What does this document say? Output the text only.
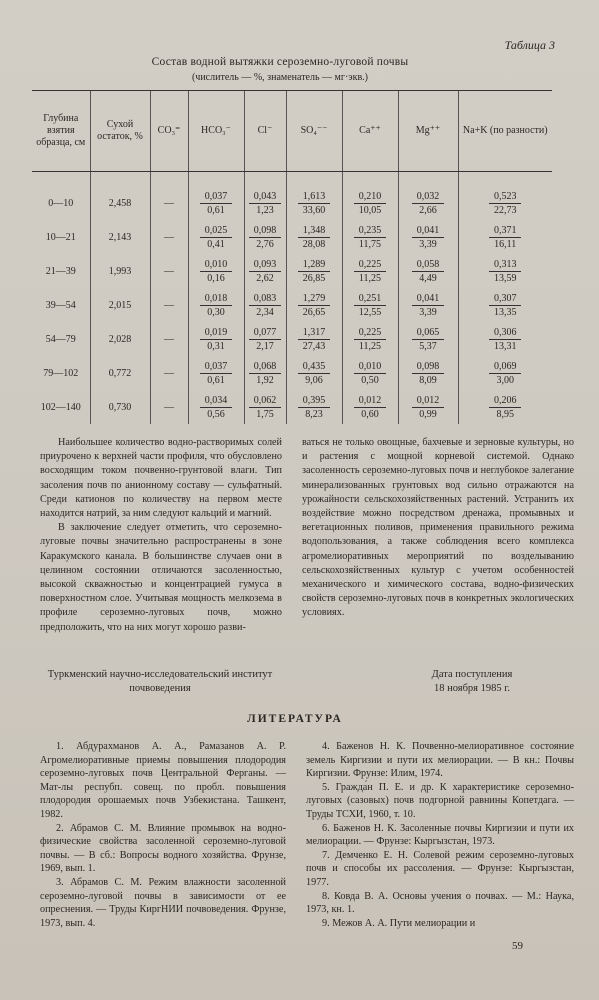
Таблица 3
Состав водной вытяжки сероземно-луговой почвы
(числитель — %, знаменатель — мг·экв.)
Глубина взятия образца, см	Сухой остаток, %	CO₃⁼	HCO₃⁻	Cl⁻	SO₄⁻⁻	Ca⁺⁺	Mg⁺⁺	Na+K (по разности)
0—10	2,458	—	$\frac{0,037}{0,61}$	$\frac{0,043}{1,23}$	$\frac{1,613}{33,60}$	$\frac{0,210}{10,05}$	$\frac{0,032}{2,66}$	$\frac{0,523}{22,73}$

10—21	2,143	—	$\frac{0,025}{0,41}$	$\frac{0,098}{2,76}$	$\frac{1,348}{28,08}$	$\frac{0,235}{11,75}$	$\frac{0,041}{3,39}$	$\frac{0,371}{16,11}$

21—39	1,993	—	$\frac{0,010}{0,16}$	$\frac{0,093}{2,62}$	$\frac{1,289}{26,85}$	$\frac{0,225}{11,25}$	$\frac{0,058}{4,49}$	$\frac{0,313}{13,59}$

39—54	2,015	—	$\frac{0,018}{0,30}$	$\frac{0,083}{2,34}$	$\frac{1,279}{26,65}$	$\frac{0,251}{12,55}$	$\frac{0,041}{3,39}$	$\frac{0,307}{13,35}$

54—79	2,028	—	$\frac{0,019}{0,31}$	$\frac{0,077}{2,17}$	$\frac{1,317}{27,43}$	$\frac{0,225}{11,25}$	$\frac{0,065}{5,37}$	$\frac{0,306}{13,31}$

79—102	0,772	—	$\frac{0,037}{0,61}$	$\frac{0,068}{1,92}$	$\frac{0,435}{9,06}$	$\frac{0,010}{0,50}$	$\frac{0,098}{8,09}$	$\frac{0,069}{3,00}$

102—140	0,730	—	$\frac{0,034}{0,56}$	$\frac{0,062}{1,75}$	$\frac{0,395}{8,23}$	$\frac{0,012}{0,60}$	$\frac{0,012}{0,99}$	$\frac{0,206}{8,95}$

Наибольшее количество водно-растворимых солей приурочено к верхней части профиля, что обусловлено восходящим током почвенно-грунтовой влаги. Тип засоления почв по анионному составу — сульфатный. Среди катионов по количеству на первом месте находится натрий, за ним следуют кальций и магний.

В заключение следует отметить, что сероземно-луговые почвы значительно распространены в зоне Каракумского канала. В большинстве случаев они в целинном состоянии отличаются засоленностью, высокой скважностью и концентрацией гумуса в поверхностном слое. Учитывая мощность мелкозема в профиле сероземно-луговых почв, можно предположить, что на них могут хорошо разви-

ваться не только овощные, бахчевые и зерновые культуры, но и растения с мощной корневой системой. Однако засоленность сероземно-луговых почв и неглубокое залегание минерализованных грунтовых вод сильно отражаются на урожайности сельскохозяйственных растений. Устранить их воздействие можно посредством дренажа, промывных и вегетационных поливов, применения правильного режима водопользования, а также соблюдения всего комплекса агромелиоративных мероприятий по возделыванию сельскохозяйственных культур с учетом особенностей механического и химического состава, водно-физических свойств сероземно-луговых почв в конкретных экологических условиях.

Туркменский научно-исследовательский институт почвоведения
Дата поступления
18 ноября 1985 г.
ЛИТЕРАТУРА

1. Абдурахманов А. А., Рамазанов А. Р. Агромелиоративные приемы повышения плодородия сероземно-луговых почв Центральной Ферганы. — Мат-лы респубп. совещ. по пробл. повышения плодородия орошаемых почв Узбекистана. Ташкент, 1982.

2. Абрамов С. М. Влияние промывок на водно-физические свойства засоленной сероземно-луговой почвы. — В сб.: Вопросы водного хозяйства. Фрунзе, 1969, вып. 1.

3. Абрамов С. М. Режим влажности засоленной сероземно-луговой почвы в зависимости от ее опреснения. — Труды КиргНИИ почвоведения. Фрунзе, 1973, вып. 4.

4. Баженов Н. К. Почвенно-мелиоративное состояние земель Киргизии и пути их мелиорации. — В кн.: Почвы Киргизии. Фрунзе: Илим, 1974.

5. Гражда́н П. Е. и др. К характеристике сероземно-луговых (сазовых) почв подгорной равнины Копетдага. — Труды ТСХИ, 1960, т. 10.

6. Баженов Н. К. Засоленные почвы Киргизии и пути их мелиорации. — Фрунзе: Кыргызстан, 1973.

7. Демченко Е. Н. Солевой режим сероземно-луговых почв и способы их рассоления. — Фрунзе: Кыргызстан, 1977.

8. Ковда В. А. Основы учения о почвах. — М.: Наука, 1973, кн. 1.

9. Межов А. А. Пути мелиорации и

59
